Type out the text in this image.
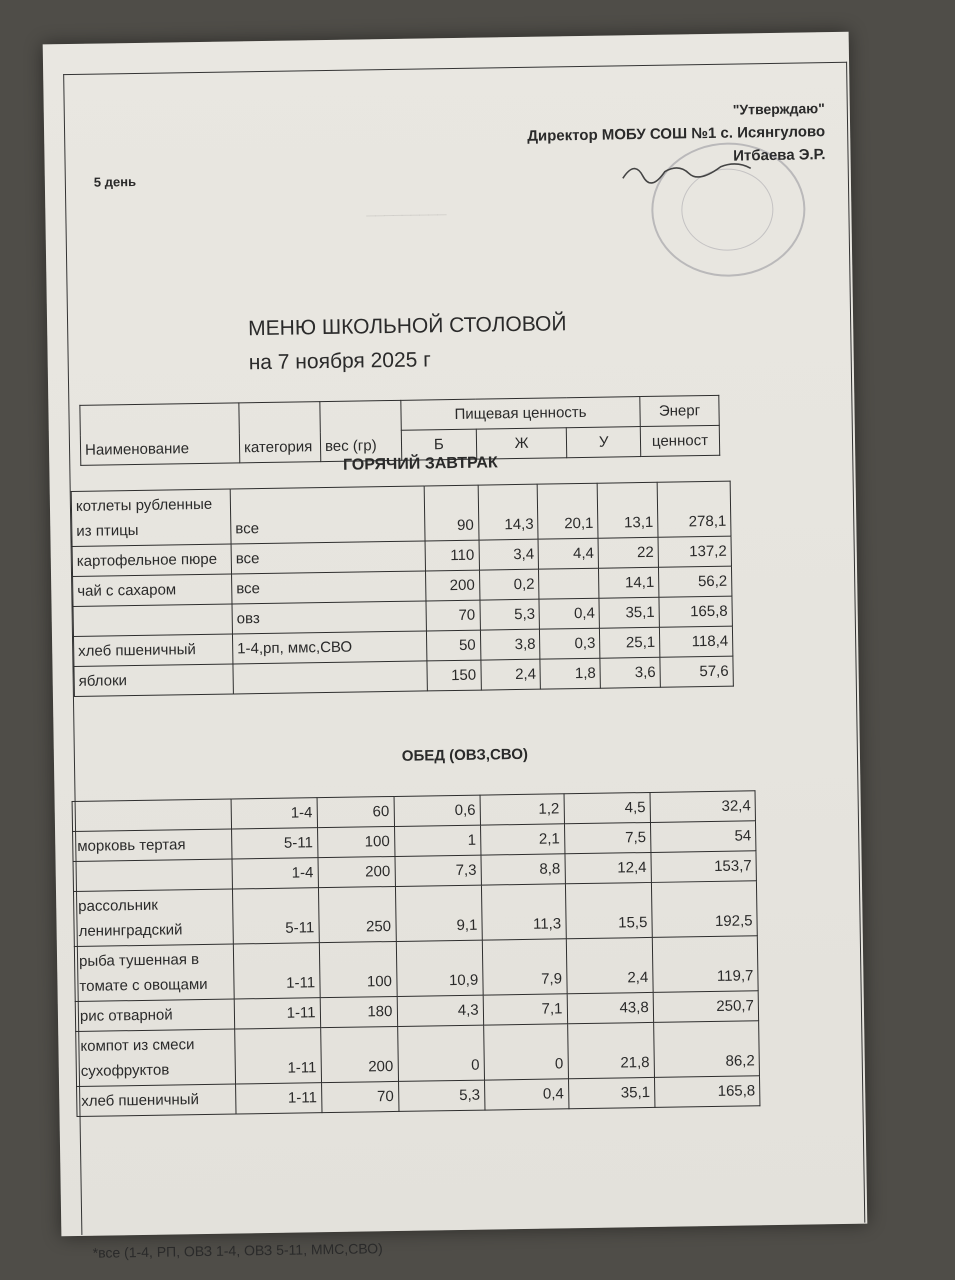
_________
"Утверждаю"
Директор МОБУ СОШ №1 с. Исянгулово
Итбаева Э.Р.
5 день
МЕНЮ ШКОЛЬНОЙ СТОЛОВОЙ
на 7 ноября 2025 г
Наименование	категория	вес (гр)	Пищевая ценность			Энерг
			Б	Ж	У	ценност
ГОРЯЧИЙ ЗАВТРАК
котлеты рубленные из птицы	все	90	14,3	20,1	13,1	278,1
картофельное пюре	все	110	3,4	4,4	22	137,2
чай с сахаром	все	200	0,2		14,1	56,2
	овз	70	5,3	0,4	35,1	165,8
хлеб пшеничный	1-4,рп, ммс,СВО	50	3,8	0,3	25,1	118,4
яблоки		150	2,4	1,8	3,6	57,6
ОБЕД (ОВЗ,СВО)
	1-4	60	0,6	1,2	4,5	32,4
морковь тертая	5-11	100	1	2,1	7,5	54
	1-4	200	7,3	8,8	12,4	153,7
рассольник ленинградский	5-11	250	9,1	11,3	15,5	192,5
рыба тушенная в томате с овощами	1-11	100	10,9	7,9	2,4	119,7
рис отварной	1-11	180	4,3	7,1	43,8	250,7
компот из смеси сухофруктов	1-11	200	0	0	21,8	86,2
хлеб пшеничный	1-11	70	5,3	0,4	35,1	165,8
*все (1-4, РП, ОВЗ 1-4, ОВЗ 5-11, ММС,СВО)
